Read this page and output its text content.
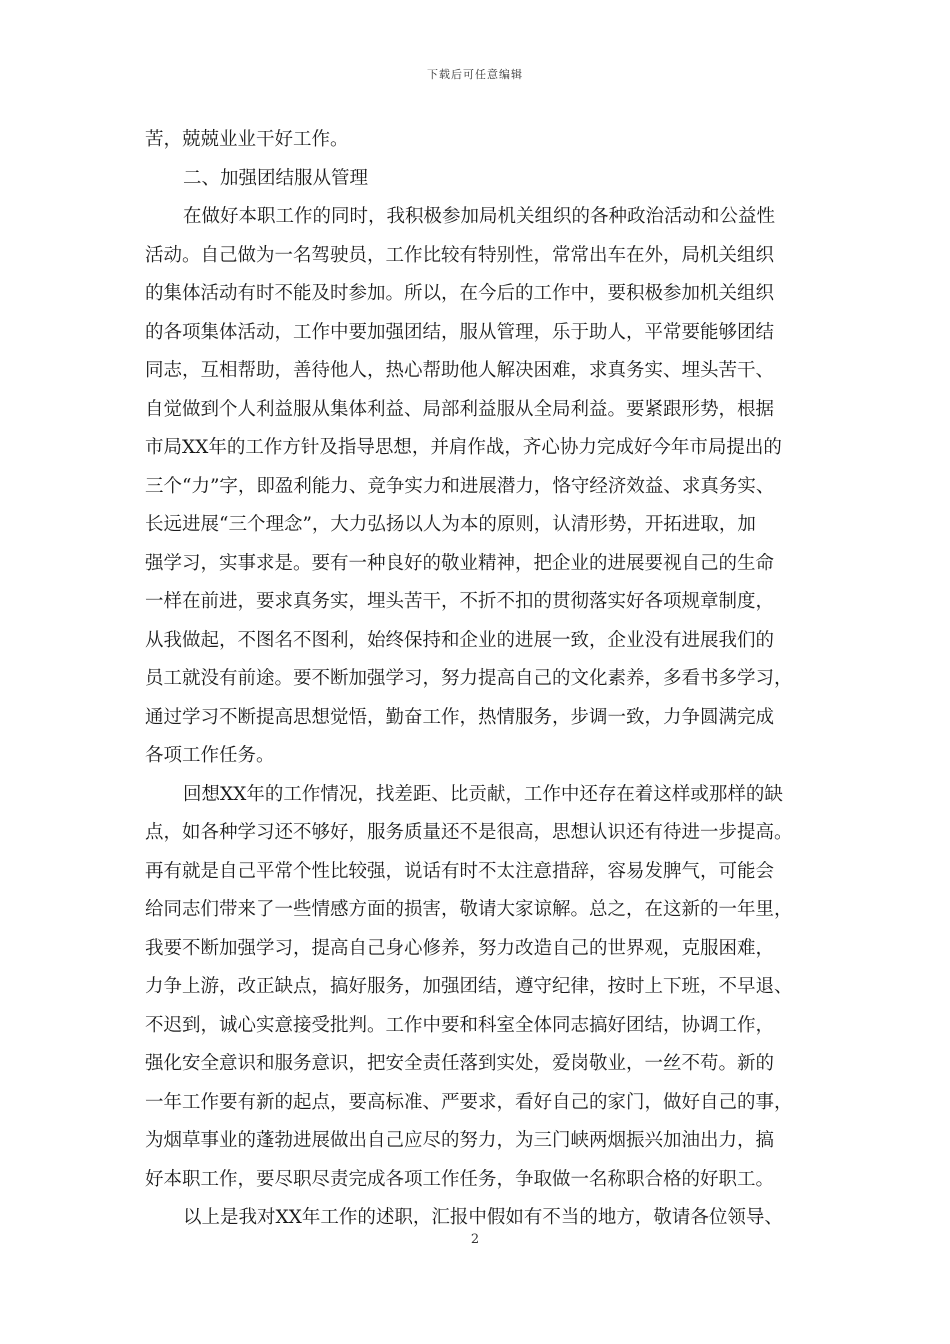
下载后可任意编辑
苦，兢兢业业干好工作。
二、加强团结服从管理
在做好本职工作的同时，我积极参加局机关组织的各种政治活动和公益性
活动。自己做为一名驾驶员，工作比较有特别性，常常出车在外，局机关组织
的集体活动有时不能及时参加。所以，在今后的工作中，要积极参加机关组织
的各项集体活动，工作中要加强团结，服从管理，乐于助人，平常要能够团结
同志，互相帮助，善待他人，热心帮助他人解决困难，求真务实、埋头苦干、
自觉做到个人利益服从集体利益、局部利益服从全局利益。要紧跟形势，根据
市局XX年的工作方针及指导思想，并肩作战，齐心协力完成好今年市局提出的
三个“力”字，即盈利能力、竞争实力和进展潜力，恪守经济效益、求真务实、
长远进展“三个理念”，大力弘扬以人为本的原则，认清形势，开拓进取，加
强学习，实事求是。要有一种良好的敬业精神，把企业的进展要视自己的生命
一样在前进，要求真务实，埋头苦干，不折不扣的贯彻落实好各项规章制度，
从我做起，不图名不图利，始终保持和企业的进展一致，企业没有进展我们的
员工就没有前途。要不断加强学习，努力提高自己的文化素养，多看书多学习，
通过学习不断提高思想觉悟，勤奋工作，热情服务，步调一致，力争圆满完成
各项工作任务。
回想XX年的工作情况，找差距、比贡献，工作中还存在着这样或那样的缺
点，如各种学习还不够好，服务质量还不是很高，思想认识还有待进一步提高。
再有就是自己平常个性比较强，说话有时不太注意措辞，容易发脾气，可能会
给同志们带来了一些情感方面的损害，敬请大家谅解。总之，在这新的一年里，
我要不断加强学习，提高自己身心修养，努力改造自己的世界观，克服困难，
力争上游，改正缺点，搞好服务，加强团结，遵守纪律，按时上下班，不早退、
不迟到，诚心实意接受批判。工作中要和科室全体同志搞好团结，协调工作，
强化安全意识和服务意识，把安全责任落到实处，爱岗敬业，一丝不苟。新的
一年工作要有新的起点，要高标准、严要求，看好自己的家门，做好自己的事，
为烟草事业的蓬勃进展做出自己应尽的努力，为三门峡两烟振兴加油出力，搞
好本职工作，要尽职尽责完成各项工作任务，争取做一名称职合格的好职工。
以上是我对XX年工作的述职，汇报中假如有不当的地方，敬请各位领导、
2
